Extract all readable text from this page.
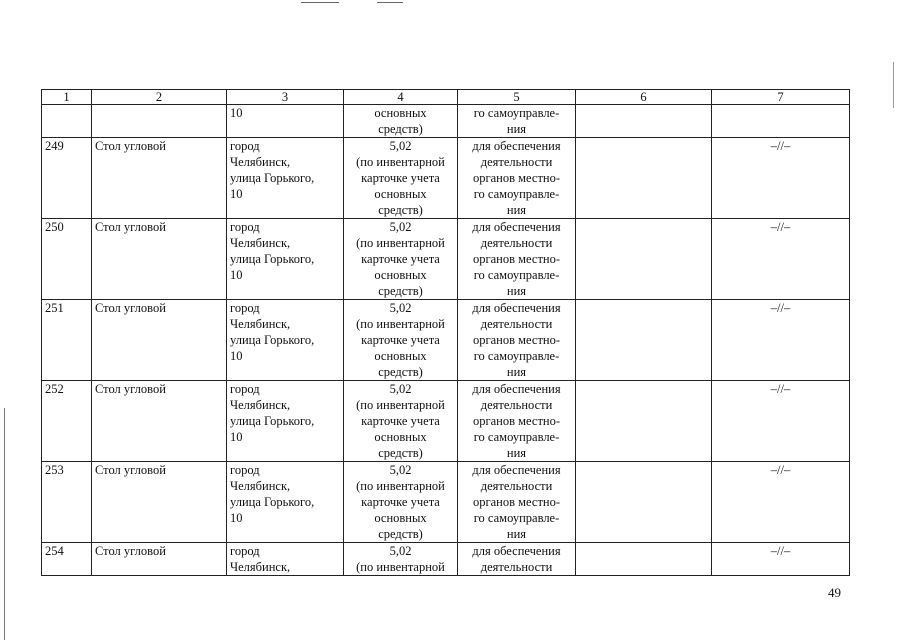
1	2	3	4	5	6	7

		10	основных
средств)	го самоуправле-
ния		

249	Стол угловой	город
Челябинск,
улица Горького,
10	5,02
(по инвентарной
карточке учета
основных
средств)	для обеспечения
деятельности
органов местно-
го самоуправле-
ния		–//–
250	Стол угловой	город
Челябинск,
улица Горького,
10	5,02
(по инвентарной
карточке учета
основных
средств)	для обеспечения
деятельности
органов местно-
го самоуправле-
ния		–//–
251	Стол угловой	город
Челябинск,
улица Горького,
10	5,02
(по инвентарной
карточке учета
основных
средств)	для обеспечения
деятельности
органов местно-
го самоуправле-
ния		–//–
252	Стол угловой	город
Челябинск,
улица Горького,
10	5,02
(по инвентарной
карточке учета
основных
средств)	для обеспечения
деятельности
органов местно-
го самоуправле-
ния		–//–
253	Стол угловой	город
Челябинск,
улица Горького,
10	5,02
(по инвентарной
карточке учета
основных
средств)	для обеспечения
деятельности
органов местно-
го самоуправле-
ния		–//–
254	Стол угловой	город
Челябинск,	5,02
(по инвентарной	для обеспечения
деятельности		–//–
49
